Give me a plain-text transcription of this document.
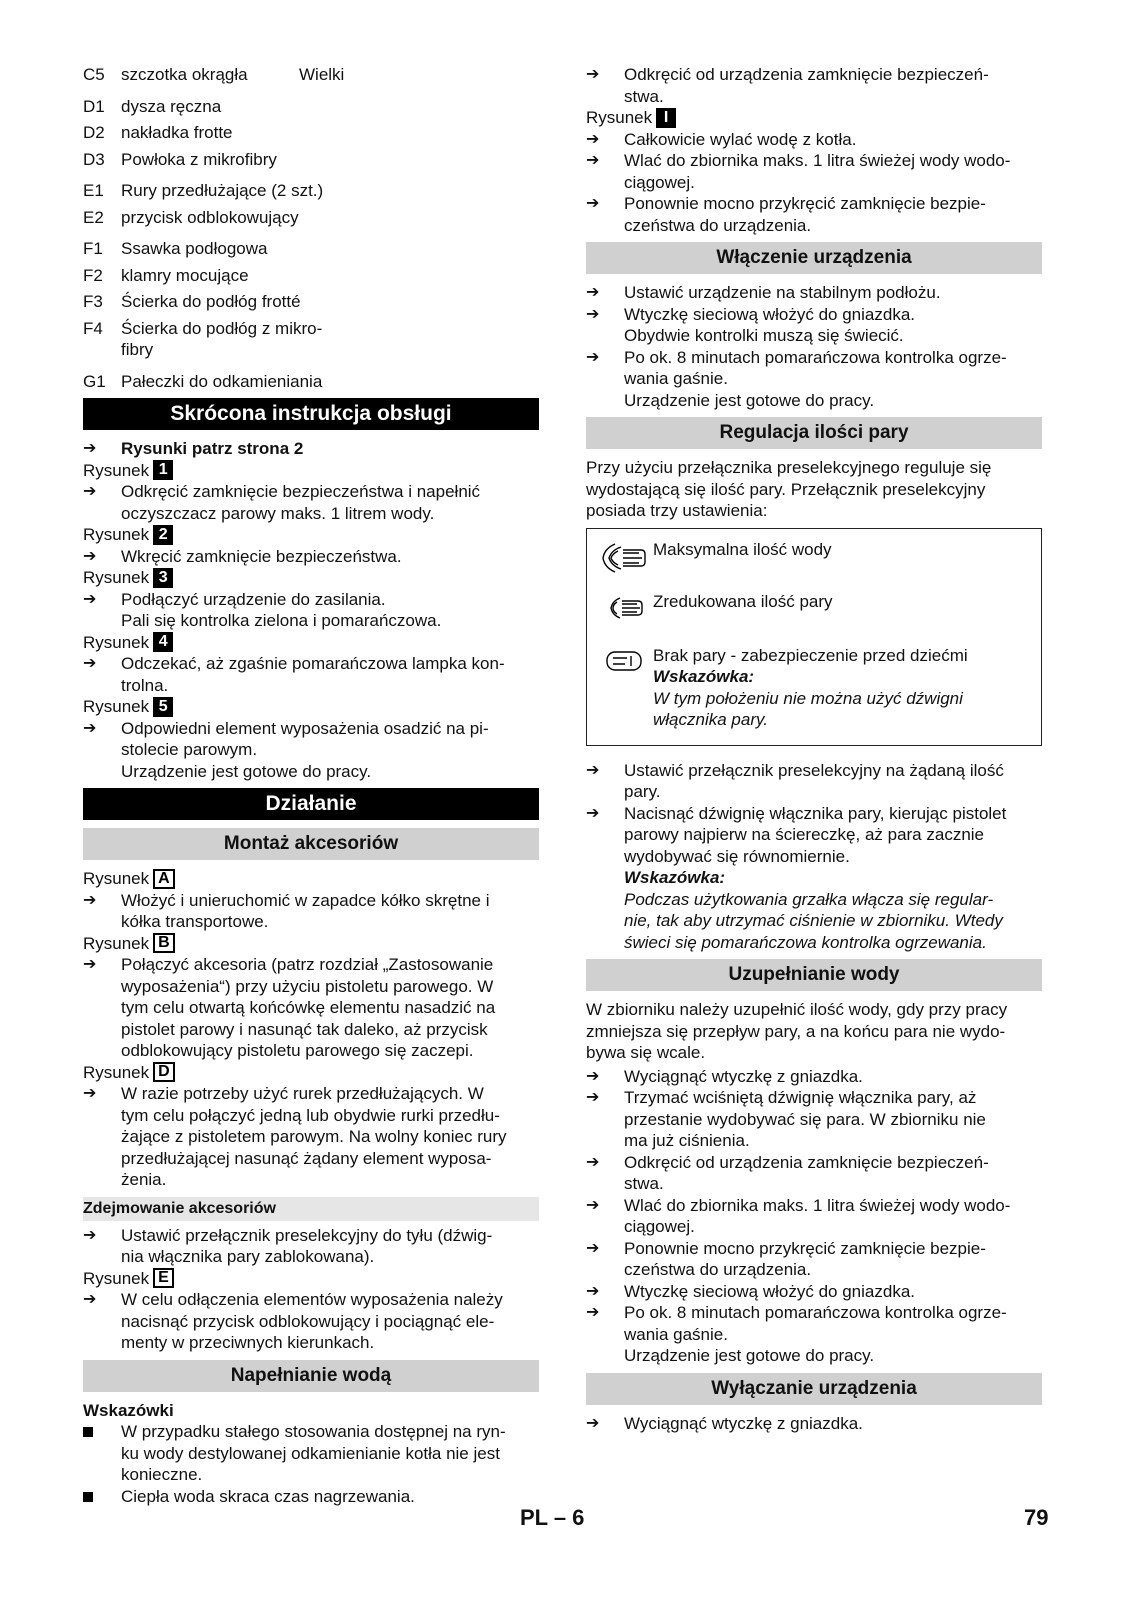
C5 szczotka okrągła	Wielki
D1 dysza ręczna
D2 nakładka frotte
D3 Powłoka z mikrofibry
E1	Rury przedłużające (2 szt.)
E2	przycisk odblokowujący
F1	Ssawka podłogowa
F2	klamry mocujące
F3	Ścierka do podłóg frotté
F4	Ścierka do podłóg z mikro-
fibry
G1 Pałeczki do odkamieniania
Skrócona instrukcja obsługi
➔	Rysunki patrz strona 2
Rysunek 1
➔	Odkręcić zamknięcie bezpieczeństwa i napełnić
oczyszczacz parowy maks. 1 litrem wody.
Rysunek 2
➔	Wkręcić zamknięcie bezpieczeństwa.
Rysunek 3
➔	Podłączyć urządzenie do zasilania.
Pali się kontrolka zielona i pomarańczowa.
Rysunek 4
➔	Odczekać, aż zgaśnie pomarańczowa lampka kon-
trolna.
Rysunek 5
➔	Odpowiedni element wyposażenia osadzić na pi-
stolecie parowym.
Urządzenie jest gotowe do pracy.
Działanie
Montaż akcesoriów
Rysunek A
➔	Włożyć i unieruchomić w zapadce kółko skrętne i
kółka transportowe.
Rysunek B
➔	Połączyć akcesoria (patrz rozdział „Zastosowanie
wyposażenia“) przy użyciu pistoletu parowego. W
tym celu otwartą końcówkę elementu nasadzić na
pistolet parowy i nasunąć tak daleko, aż przycisk
odblokowujący pistoletu parowego się zaczepi.
Rysunek D
➔	W razie potrzeby użyć rurek przedłużających. W
tym celu połączyć jedną lub obydwie rurki przedłu-
żające z pistoletem parowym. Na wolny koniec rury
przedłużającej nasunąć żądany element wyposa-
żenia.
Zdejmowanie akcesoriów
➔	Ustawić przełącznik preselekcyjny do tyłu (dźwig-
nia włącznika pary zablokowana).
Rysunek E
➔	W celu odłączenia elementów wyposażenia należy
nacisnąć przycisk odblokowujący i pociągnąć ele-
menty w przeciwnych kierunkach.
Napełnianie wodą
Wskazówki
W przypadku stałego stosowania dostępnej na ryn-
ku wody destylowanej odkamienianie kotła nie jest
konieczne.
Ciepła woda skraca czas nagrzewania.
➔	Odkręcić od urządzenia zamknięcie bezpieczeń-
stwa.
Rysunek I
➔	Całkowicie wylać wodę z kotła.
➔	Wlać do zbiornika maks. 1 litra świeżej wody wodo-
ciągowej.
➔	Ponownie mocno przykręcić zamknięcie bezpie-
czeństwa do urządzenia.
Włączenie urządzenia
➔	Ustawić urządzenie na stabilnym podłożu.
➔	Wtyczkę sieciową włożyć do gniazdka.
Obydwie kontrolki muszą się świecić.
➔	Po ok. 8 minutach pomarańczowa kontrolka ogrze-
wania gaśnie.
Urządzenie jest gotowe do pracy.
Regulacja ilości pary
Przy użyciu przełącznika preselekcyjnego reguluje się
wydostającą się ilość pary. Przełącznik preselekcyjny
posiada trzy ustawienia:
Maksymalna ilość wody
Zredukowana ilość pary
Brak pary - zabezpieczenie przed dziećmi
Wskazówka:
W tym położeniu nie można użyć dźwigni
włącznika pary.
➔	Ustawić przełącznik preselekcyjny na żądaną ilość
pary.
➔	Nacisnąć dźwignię włącznika pary, kierując pistolet
parowy najpierw na ściereczkę, aż para zacznie
wydobywać się równomiernie.
Wskazówka:
Podczas użytkowania grzałka włącza się regular-
nie, tak aby utrzymać ciśnienie w zbiorniku. Wtedy
świeci się pomarańczowa kontrolka ogrzewania.
Uzupełnianie wody
W zbiorniku należy uzupełnić ilość wody, gdy przy pracy
zmniejsza się przepływ pary, a na końcu para nie wydo-
bywa się wcale.
➔	Wyciągnąć wtyczkę z gniazdka.
➔	Trzymać wciśniętą dźwignię włącznika pary, aż
przestanie wydobywać się para. W zbiorniku nie
ma już ciśnienia.
➔	Odkręcić od urządzenia zamknięcie bezpieczeń-
stwa.
➔	Wlać do zbiornika maks. 1 litra świeżej wody wodo-
ciągowej.
➔	Ponownie mocno przykręcić zamknięcie bezpie-
czeństwa do urządzenia.
➔	Wtyczkę sieciową włożyć do gniazdka.
➔	Po ok. 8 minutach pomarańczowa kontrolka ogrze-
wania gaśnie.
Urządzenie jest gotowe do pracy.
Wyłączanie urządzenia
➔	Wyciągnąć wtyczkę z gniazdka.
PL – 6	79
